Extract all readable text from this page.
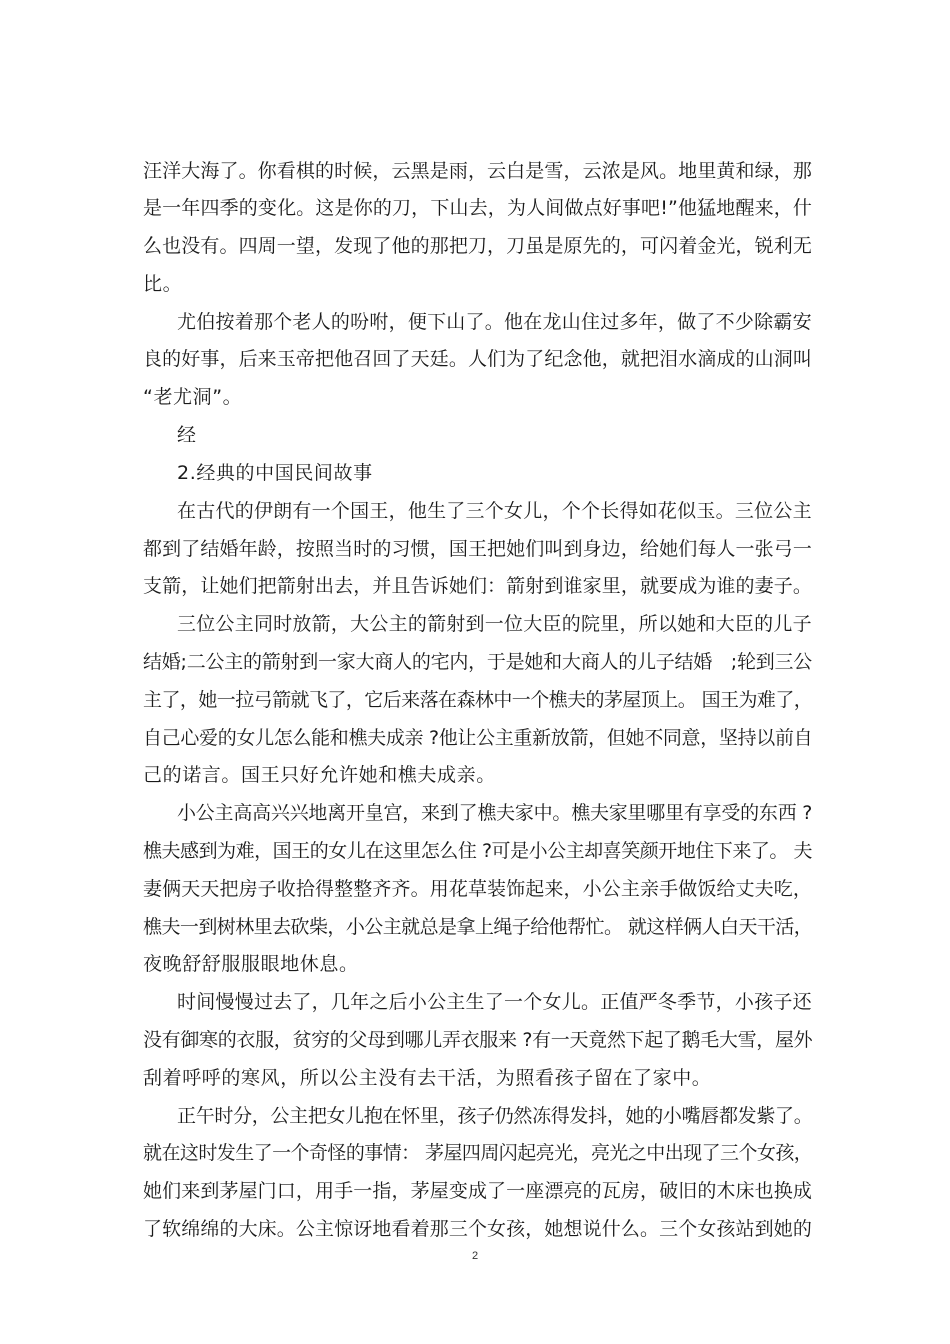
汪洋大海了。你看棋的时候，云黑是雨，云白是雪，云浓是风。地里黄和绿，那
是一年四季的变化。这是你的刀，下山去，为人间做点好事吧!”他猛地醒来，什
么也没有。四周一望，发现了他的那把刀，刀虽是原先的，可闪着金光，锐利无
比。
尤伯按着那个老人的吩咐，便下山了。他在龙山住过多年，做了不少除霸安
良的好事，后来玉帝把他召回了天廷。人们为了纪念他，就把泪水滴成的山洞叫
“老尤洞”。
经
2.经典的中国民间故事
在古代的伊朗有一个国王，他生了三个女儿，个个长得如花似玉。三位公主
都到了结婚年龄，按照当时的习惯，国王把她们叫到身边，给她们每人一张弓一
支箭，让她们把箭射出去，并且告诉她们：箭射到谁家里，就要成为谁的妻子。
三位公主同时放箭，大公主的箭射到一位大臣的院里，所以她和大臣的儿子
结婚;二公主的箭射到一家大商人的宅内，于是她和大商人的儿子结婚　;轮到三公
主了，她一拉弓箭就飞了，它后来落在森林中一个樵夫的茅屋顶上。 国王为难了，
自己心爱的女儿怎么能和樵夫成亲 ?他让公主重新放箭，但她不同意，坚持以前自
己的诺言。国王只好允许她和樵夫成亲。
小公主高高兴兴地离开皇宫，来到了樵夫家中。樵夫家里哪里有享受的东西 ?
樵夫感到为难，国王的女儿在这里怎么住 ?可是小公主却喜笑颜开地住下来了。 夫
妻俩天天把房子收拾得整整齐齐。用花草装饰起来，小公主亲手做饭给丈夫吃，
樵夫一到树林里去砍柴，小公主就总是拿上绳子给他帮忙。 就这样俩人白天干活，
夜晚舒舒服服眼地休息。
时间慢慢过去了，几年之后小公主生了一个女儿。正值严冬季节，小孩子还
没有御寒的衣服，贫穷的父母到哪儿弄衣服来 ?有一天竟然下起了鹅毛大雪，屋外
刮着呼呼的寒风，所以公主没有去干活，为照看孩子留在了家中。
正午时分，公主把女儿抱在怀里，孩子仍然冻得发抖，她的小嘴唇都发紫了。
就在这时发生了一个奇怪的事情： 茅屋四周闪起亮光，亮光之中出现了三个女孩，
她们来到茅屋门口，用手一指，茅屋变成了一座漂亮的瓦房，破旧的木床也换成
了软绵绵的大床。公主惊讶地看着那三个女孩，她想说什么。三个女孩站到她的
2
